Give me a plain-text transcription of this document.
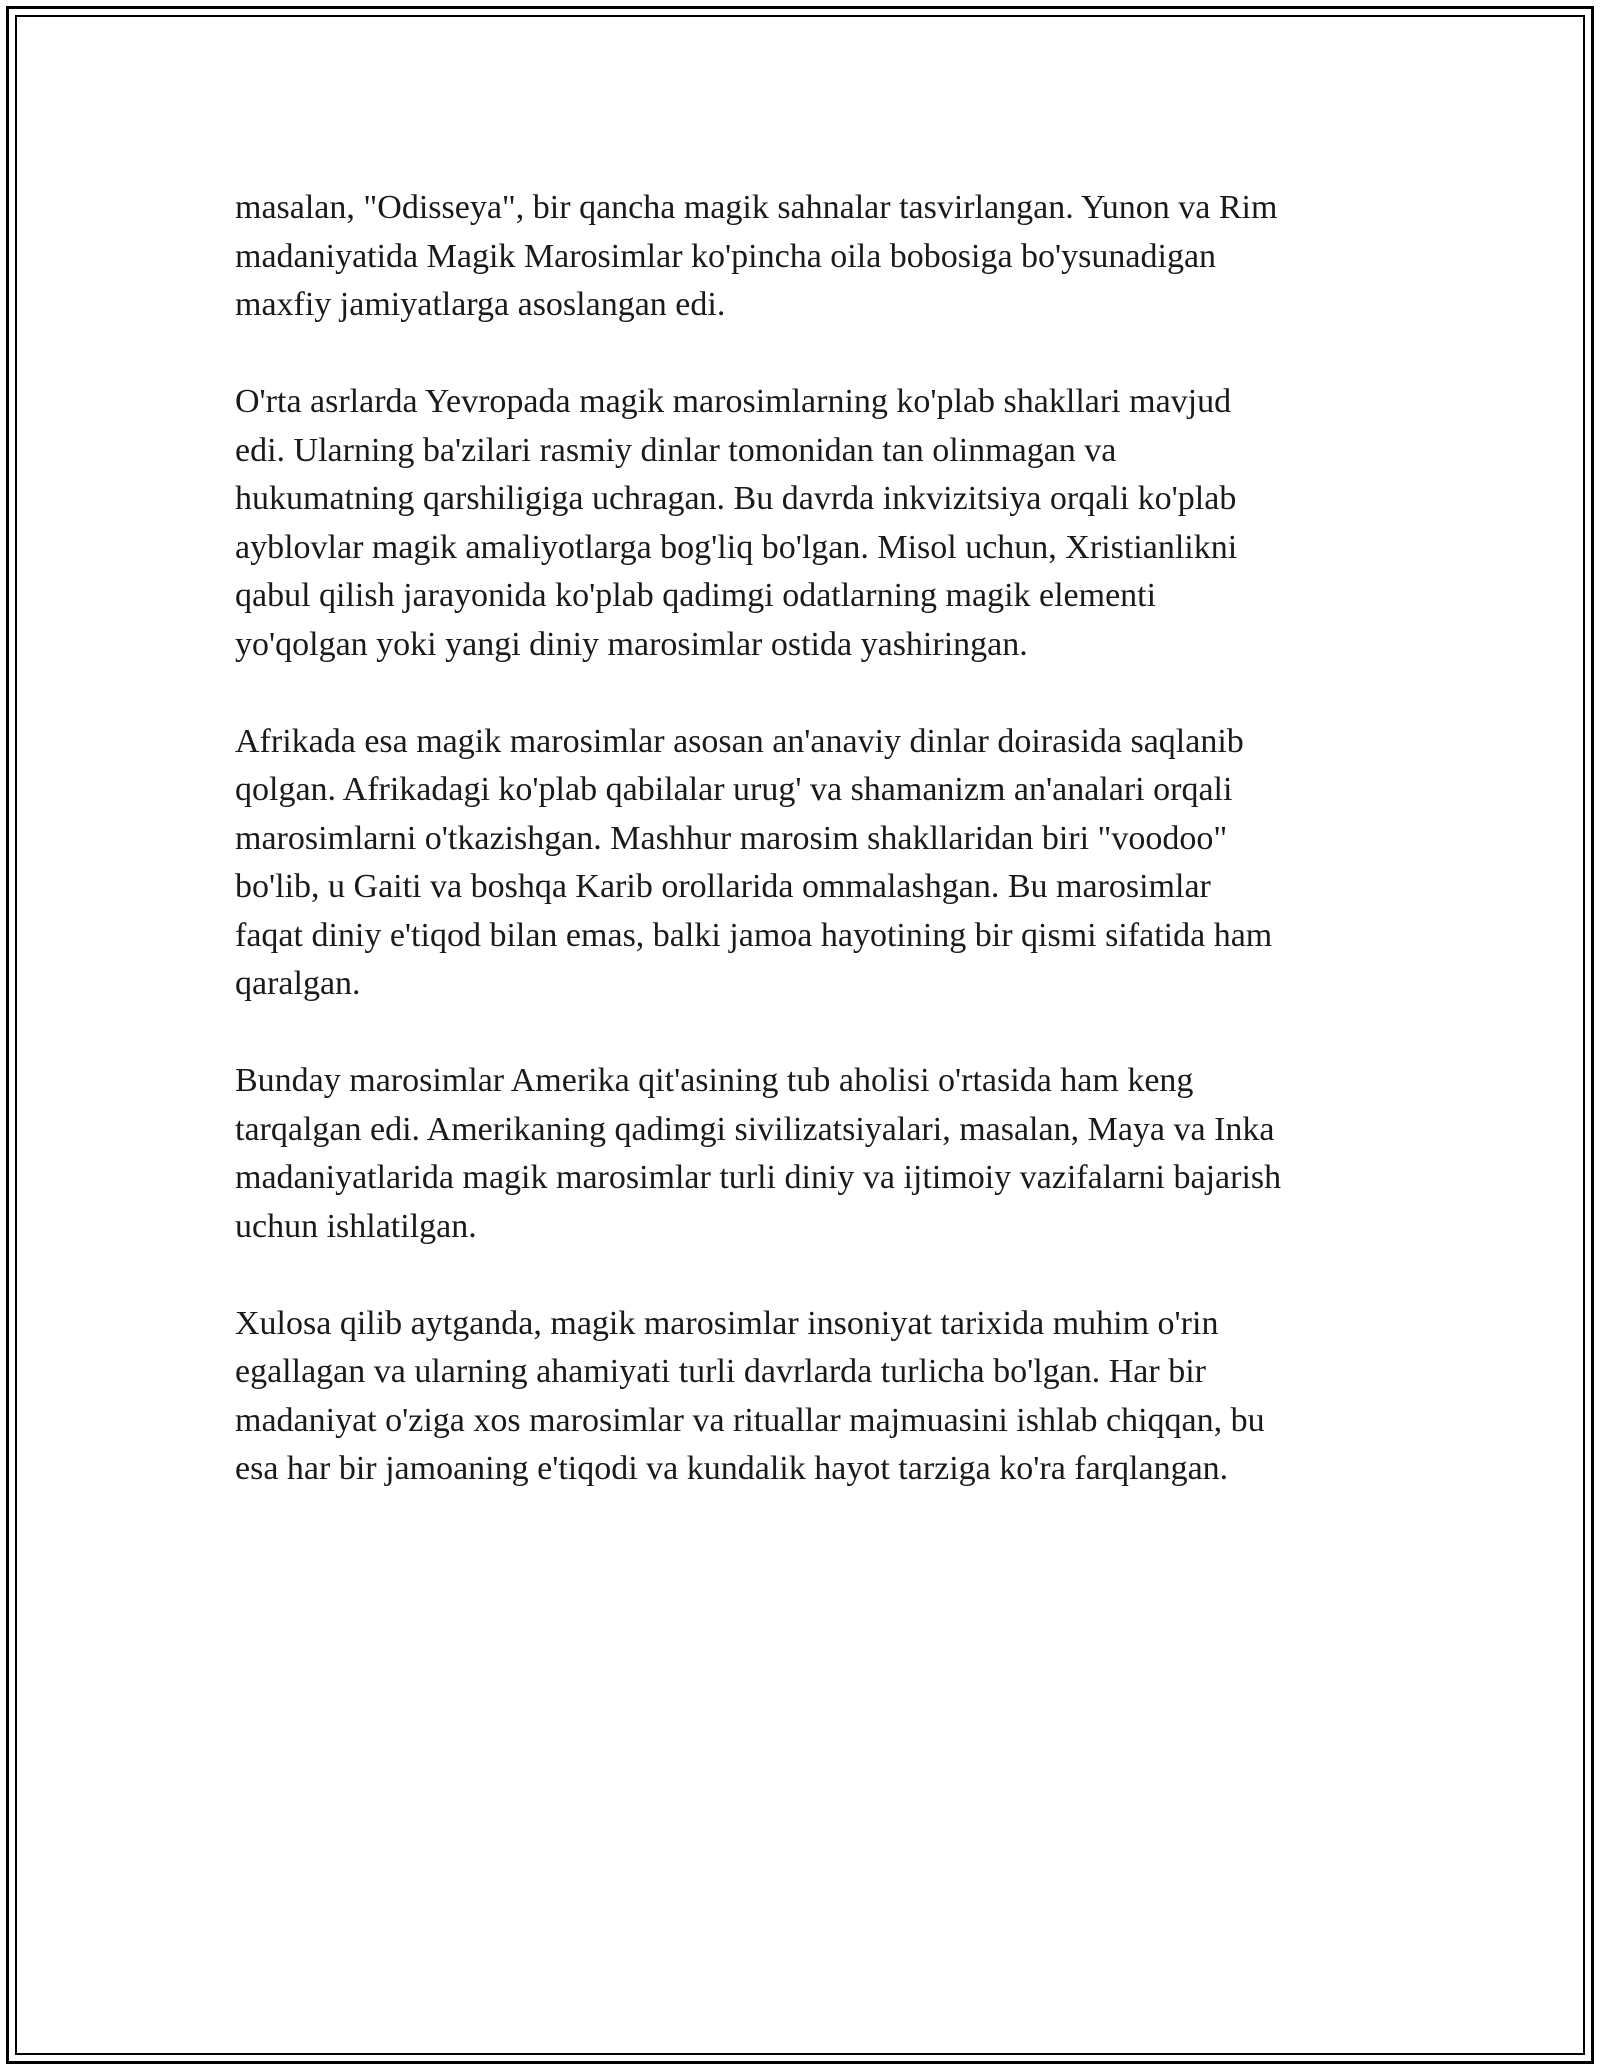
masalan, "Odisseya", bir qancha magik sahnalar tasvirlangan. Yunon va Rim
madaniyatida Magik Marosimlar ko'pincha oila bobosiga bo'ysunadigan
maxfiy jamiyatlarga asoslangan edi.

O'rta asrlarda Yevropada magik marosimlarning ko'plab shakllari mavjud
edi. Ularning ba'zilari rasmiy dinlar tomonidan tan olinmagan va
hukumatning qarshiligiga uchragan. Bu davrda inkvizitsiya orqali ko'plab
ayblovlar magik amaliyotlarga bog'liq bo'lgan. Misol uchun, Xristianlikni
qabul qilish jarayonida ko'plab qadimgi odatlarning magik elementi
yo'qolgan yoki yangi diniy marosimlar ostida yashiringan.

Afrikada esa magik marosimlar asosan an'anaviy dinlar doirasida saqlanib
qolgan. Afrikadagi ko'plab qabilalar urug' va shamanizm an'analari orqali
marosimlarni o'tkazishgan. Mashhur marosim shakllaridan biri "voodoo"
bo'lib, u Gaiti va boshqa Karib orollarida ommalashgan. Bu marosimlar
faqat diniy e'tiqod bilan emas, balki jamoa hayotining bir qismi sifatida ham
qaralgan.

Bunday marosimlar Amerika qit'asining tub aholisi o'rtasida ham keng
tarqalgan edi. Amerikaning qadimgi sivilizatsiyalari, masalan, Maya va Inka
madaniyatlarida magik marosimlar turli diniy va ijtimoiy vazifalarni bajarish
uchun ishlatilgan.

Xulosa qilib aytganda, magik marosimlar insoniyat tarixida muhim o'rin
egallagan va ularning ahamiyati turli davrlarda turlicha bo'lgan. Har bir
madaniyat o'ziga xos marosimlar va rituallar majmuasini ishlab chiqqan, bu
esa har bir jamoaning e'tiqodi va kundalik hayot tarziga ko'ra farqlangan.
